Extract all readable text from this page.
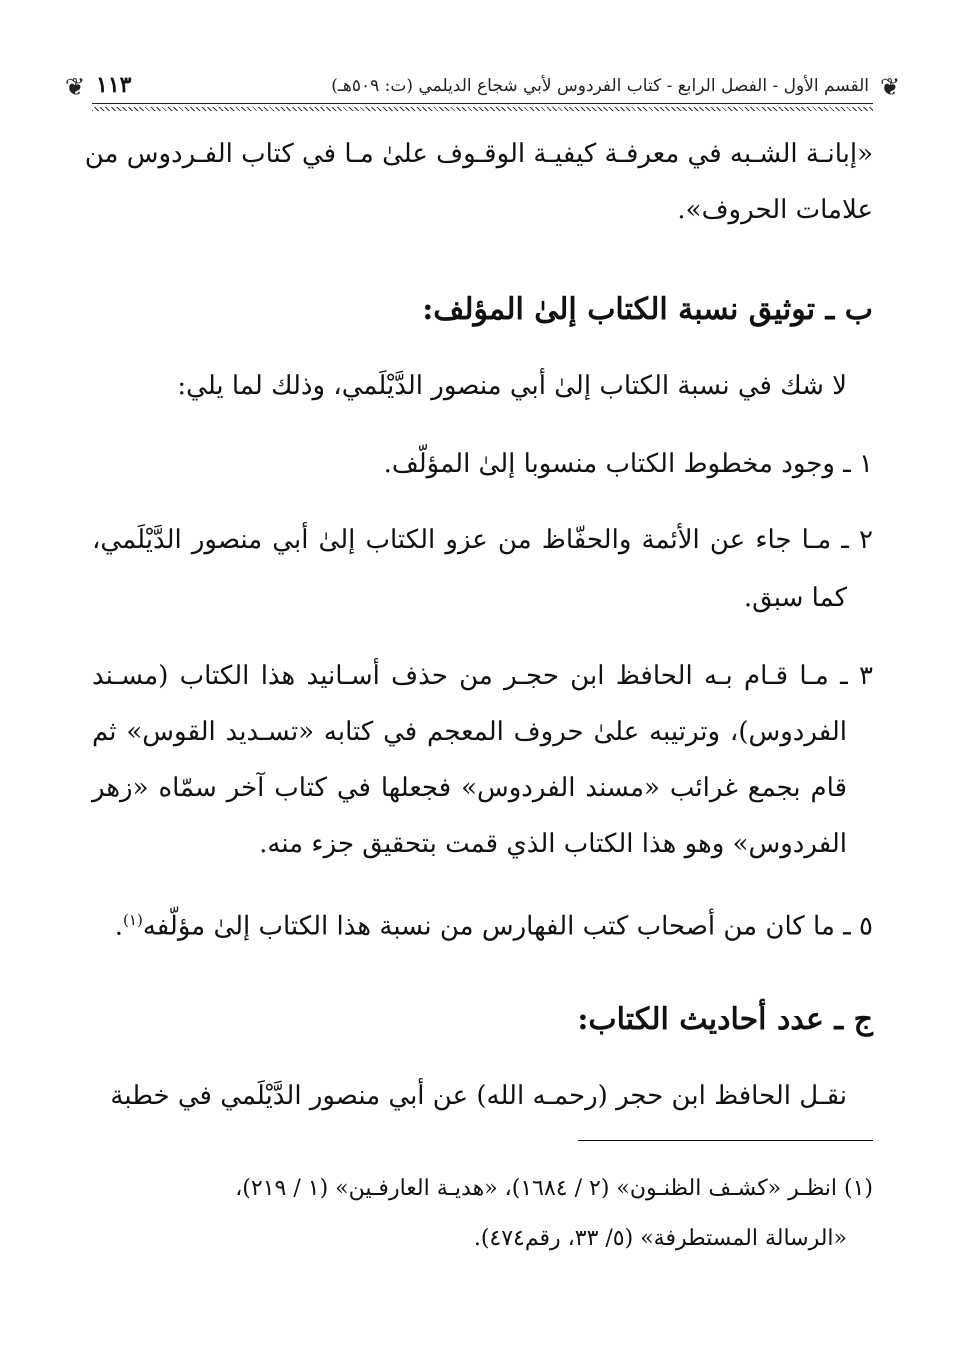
❦
القسم الأول - الفصل الرابع - كتاب الفردوس لأبي شجاع الديلمي (ت: ٥٠٩هـ)
١١٣
❦
«إبانـة الشـبه في معرفـة كيفيـة الوقـوف علىٰ مـا في كتاب الفـردوس من
علامات الحروف».
ب ـ توثيق نسبة الكتاب إلىٰ المؤلف:
لا شك في نسبة الكتاب إلىٰ أبي منصور الدَّيْلَمي، وذلك لما يلي:
١ ـ وجود مخطوط الكتاب منسوبا إلىٰ المؤلّف.
٢ ـ مـا جاء عن الأئمة والحفّاظ من عزو الكتاب إلىٰ أبي منصور الدَّيْلَمي،
كما سبق.
٣ ـ مـا قـام بـه الحافظ ابن حجـر من حذف أسـانيد هذا الكتاب (مسـند
الفردوس)، وترتيبه علىٰ حروف المعجم في كتابه «تسـديد القوس» ثم
قام بجمع غرائب «مسند الفردوس» فجعلها في كتاب آخر سمّاه «زهر
الفردوس» وهو هذا الكتاب الذي قمت بتحقيق جزء منه.
٥ ـ ما كان من أصحاب كتب الفهارس من نسبة هذا الكتاب إلىٰ مؤلّفه$^{(١)}$.
ج ـ عدد أحاديث الكتاب:
نقـل الحافظ ابن حجر (رحمـه الله) عن أبي منصور الدَّيْلَمي في خطبة
(١) انظـر «كشـف الظنـون» (٢ / ١٦٨٤)، «هديـة العارفـين» (١ / ٢١٩)،
«الرسالة المستطرفة» (٥/ ٣٣، رقم٤٧٤).
